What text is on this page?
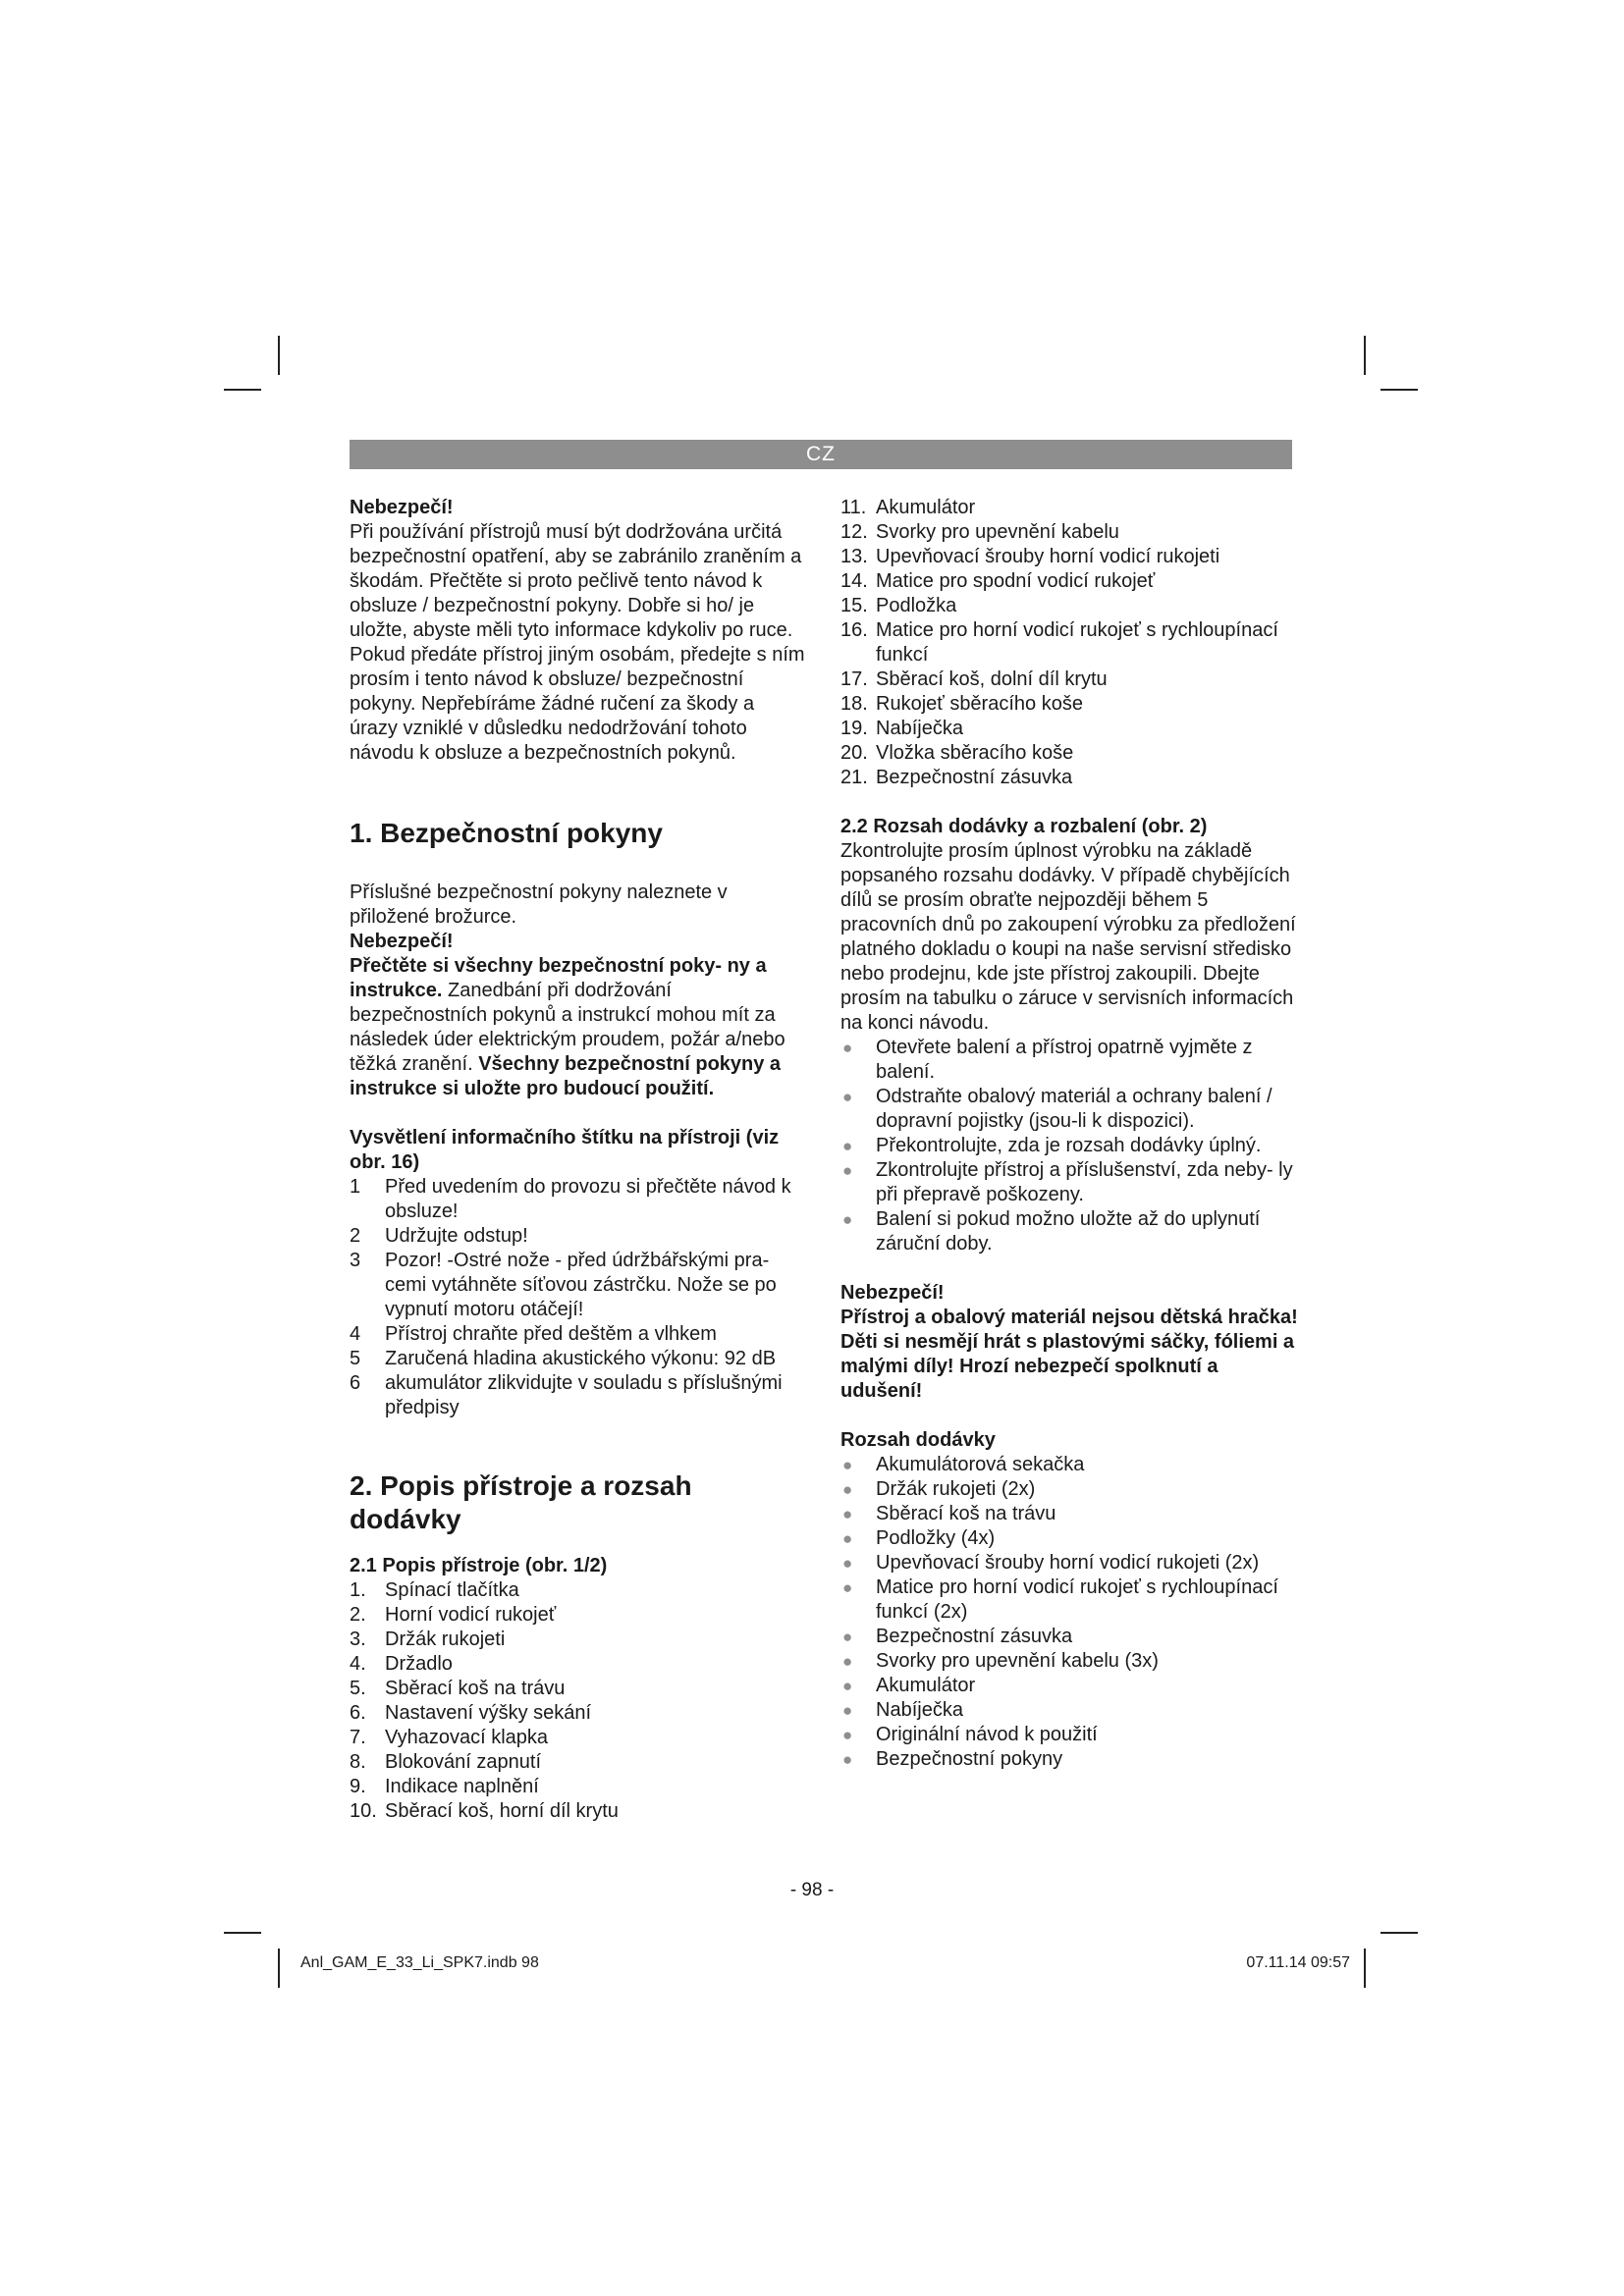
CZ

Nebezpečí!

Při používání přístrojů musí být dodržována určitá bezpečnostní opatření, aby se zabránilo zraněním a škodám. Přečtěte si proto pečlivě tento návod k obsluze / bezpečnostní pokyny. Dobře si ho/ je uložte, abyste měli tyto informace kdykoliv po ruce. Pokud předáte přístroj jiným osobám, předejte s ním prosím i tento návod k obsluze/ bezpečnostní pokyny. Nepřebíráme žádné ručení za škody a úrazy vzniklé v důsledku nedodržování tohoto návodu k obsluze a bezpečnostních pokynů.

1. Bezpečnostní pokyny

Příslušné bezpečnostní pokyny naleznete v přiložené brožurce.

Nebezpečí!

Přečtěte si všechny bezpečnostní poky- ny a instrukce. Zanedbání při dodržování bezpečnostních pokynů a instrukcí mohou mít za následek úder elektrickým proudem, požár a/nebo těžká zranění. Všechny bezpečnostní pokyny a instrukce si uložte pro budoucí použití.

Vysvětlení informačního štítku na přístroji (viz obr. 16)

1 Před uvedením do provozu si přečtěte návod k obsluze!
2 Udržujte odstup!
3 Pozor! -Ostré nože - před údržbářskými pra- cemi vytáhněte síťovou zástrčku. Nože se po vypnutí motoru otáčejí!
4 Přístroj chraňte před deštěm a vlhkem
5 Zaručená hladina akustického výkonu: 92 dB
6 akumulátor zlikvidujte v souladu s příslušnými předpisy

2. Popis přístroje a rozsah dodávky

2.1 Popis přístroje (obr. 1/2)

1. Spínací tlačítka
2. Horní vodicí rukojeť
3. Držák rukojeti
4. Držadlo
5. Sběrací koš na trávu
6. Nastavení výšky sekání
7. Vyhazovací klapka
8. Blokování zapnutí
9. Indikace naplnění
10. Sběrací koš, horní díl krytu
11. Akumulátor
12. Svorky pro upevnění kabelu
13. Upevňovací šrouby horní vodicí rukojeti
14. Matice pro spodní vodicí rukojeť
15. Podložka
16. Matice pro horní vodicí rukojeť s rychloupínací funkcí
17. Sběrací koš, dolní díl krytu
18. Rukojeť sběracího koše
19. Nabíječka
20. Vložka sběracího koše
21. Bezpečnostní zásuvka

2.2 Rozsah dodávky a rozbalení (obr. 2)

Zkontrolujte prosím úplnost výrobku na základě popsaného rozsahu dodávky. V případě chybějících dílů se prosím obraťte nejpozději během 5 pracovních dnů po zakoupení výrobku za předložení platného dokladu o koupi na naše servisní středisko nebo prodejnu, kde jste přístroj zakoupili. Dbejte prosím na tabulku o záruce v servisních informacích na konci návodu.

● Otevřete balení a přístroj opatrně vyjměte z balení.
● Odstraňte obalový materiál a ochrany balení / dopravní pojistky (jsou-li k dispozici).
● Překontrolujte, zda je rozsah dodávky úplný.
● Zkontrolujte přístroj a příslušenství, zda neby- ly při přepravě poškozeny.
● Balení si pokud možno uložte až do uplynutí záruční doby.

Nebezpečí!

Přístroj a obalový materiál nejsou dětská hračka! Děti si nesmějí hrát s plastovými sáčky, fóliemi a malými díly! Hrozí nebezpečí spolknutí a udušení!

Rozsah dodávky

● Akumulátorová sekačka
● Držák rukojeti (2x)
● Sběrací koš na trávu
● Podložky (4x)
● Upevňovací šrouby horní vodicí rukojeti (2x)
● Matice pro horní vodicí rukojeť s rychloupínací funkcí (2x)
● Bezpečnostní zásuvka
● Svorky pro upevnění kabelu (3x)
● Akumulátor
● Nabíječka
● Originální návod k použití
● Bezpečnostní pokyny
- 98 -
Anl_GAM_E_33_Li_SPK7.indb 98	07.11.14 09:57
